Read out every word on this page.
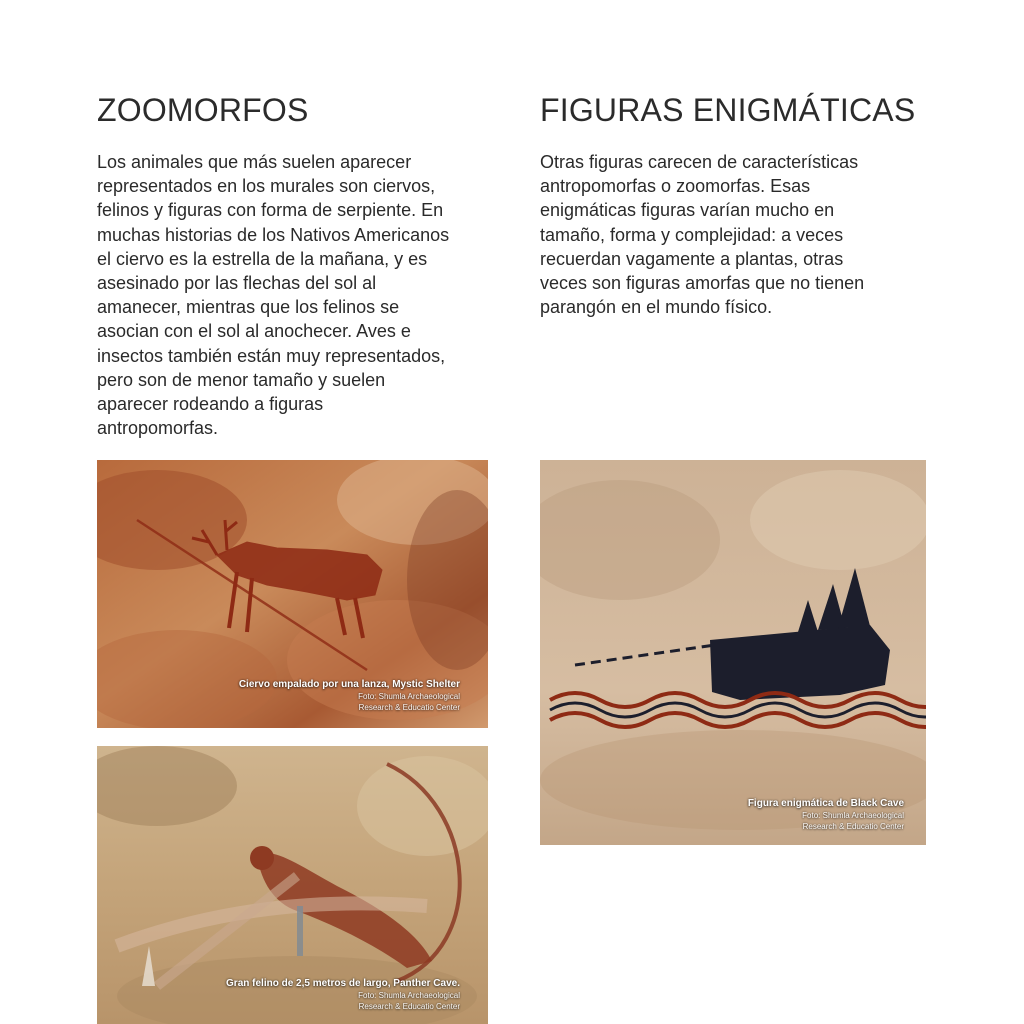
ZOOMORFOS
Los animales que más suelen aparecer
representados en los murales son ciervos,
felinos y figuras con forma de serpiente. En
muchas historias de los Nativos Americanos
el ciervo es la estrella de la mañana, y es
asesinado por las flechas del sol al
amanecer, mientras que los felinos se
asocian con el sol al anochecer. Aves e
insectos también están muy representados,
pero son de menor tamaño y suelen
aparecer rodeando a figuras
antropomorfas.
FIGURAS ENIGMÁTICAS
Otras figuras carecen de características
antropomorfas o zoomorfas. Esas
enigmáticas figuras varían mucho en
tamaño, forma y complejidad: a veces
recuerdan vagamente a plantas, otras
veces son figuras amorfas que no tienen
parangón en el mundo físico.
Ciervo empalado por una lanza, Mystic Shelter
Foto: Shumla Archaeological
Research & Educatio Center
Gran felino de 2,5 metros de largo, Panther Cave.
Foto: Shumla Archaeological
Research & Educatio Center
Figura enigmática de Black Cave
Foto: Shumla Archaeological
Research & Educatio Center
